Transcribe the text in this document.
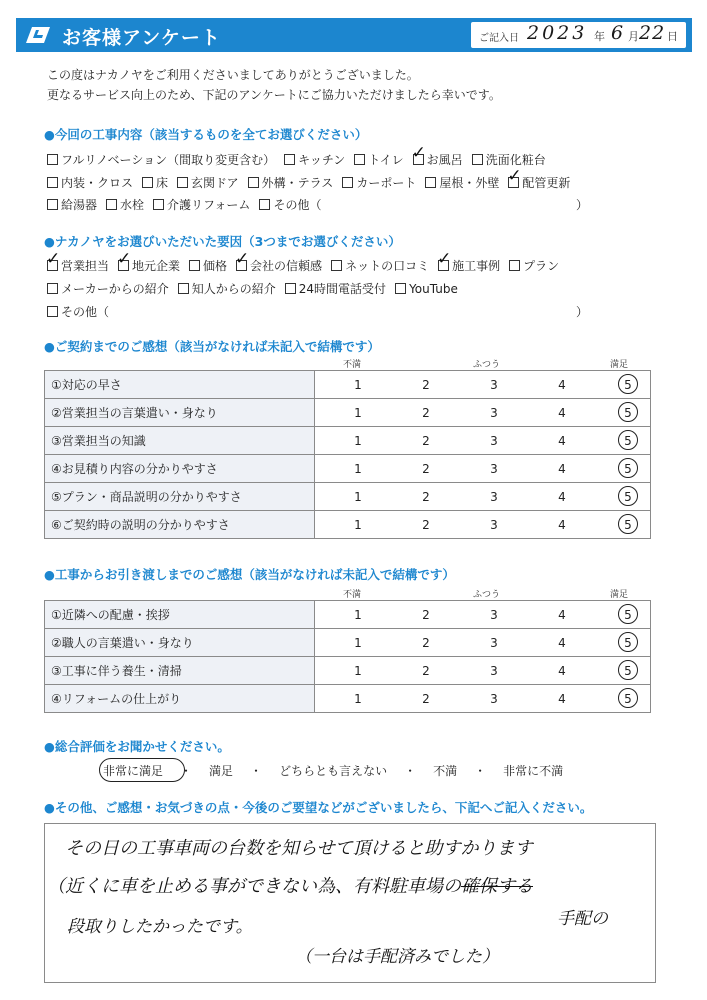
お客様アンケート	ご記入日 2023 年 6 月 22 日
この度はナカノヤをご利用くださいましてありがとうございました。
更なるサービス向上のため、下記のアンケートにご協力いただけましたら幸いです。
●今回の工事内容（該当するものを全てお選びください）
フルリノベーション（間取り変更含む） キッチン トイレ ✓ お風呂 洗面化粧台
内装・クロス 床 玄関ドア 外構・テラス カーポート 屋根・外壁 ✓ 配管更新
給湯器 水栓 介護リフォーム その他（	）
●ナカノヤをお選びいただいた要因（3つまでお選びください）
✓ 営業担当 ✓ 地元企業 価格 ✓ 会社の信頼感 ネットの口コミ ✓ 施工事例 プラン
メーカーからの紹介 知人からの紹介 24時間電話受付 YouTube
その他（	）
●ご契約までのご感想（該当がなければ未記入で結構です）
不満	ふつう	満足
①対応の早さ	1 2 3 4 5

②営業担当の言葉遣い・身なり	1 2 3 4 5

③営業担当の知識	1 2 3 4 5

④お見積り内容の分かりやすさ	1 2 3 4 5

⑤プラン・商品説明の分かりやすさ	1 2 3 4 5

⑥ご契約時の説明の分かりやすさ	1 2 3 4 5
●工事からお引き渡しまでのご感想（該当がなければ未記入で結構です）
不満	ふつう	満足
①近隣への配慮・挨拶	1 2 3 4 5

②職人の言葉遣い・身なり	1 2 3 4 5

③工事に伴う養生・清掃	1 2 3 4 5

④リフォームの仕上がり	1 2 3 4 5
●総合評価をお聞かせください。
非常に満足 ・ 満足 ・ どちらとも言えない ・ 不満 ・ 非常に不満
●その他、ご感想・お気づきの点・今後のご要望などがございましたら、下記へご記入ください。
その日の工事車両の台数を知らせて頂けると助すかります
（近くに車を止める事ができない為、有料駐車場の確保する
手配の
段取りしたかったです。
（一台は手配済みでした）
